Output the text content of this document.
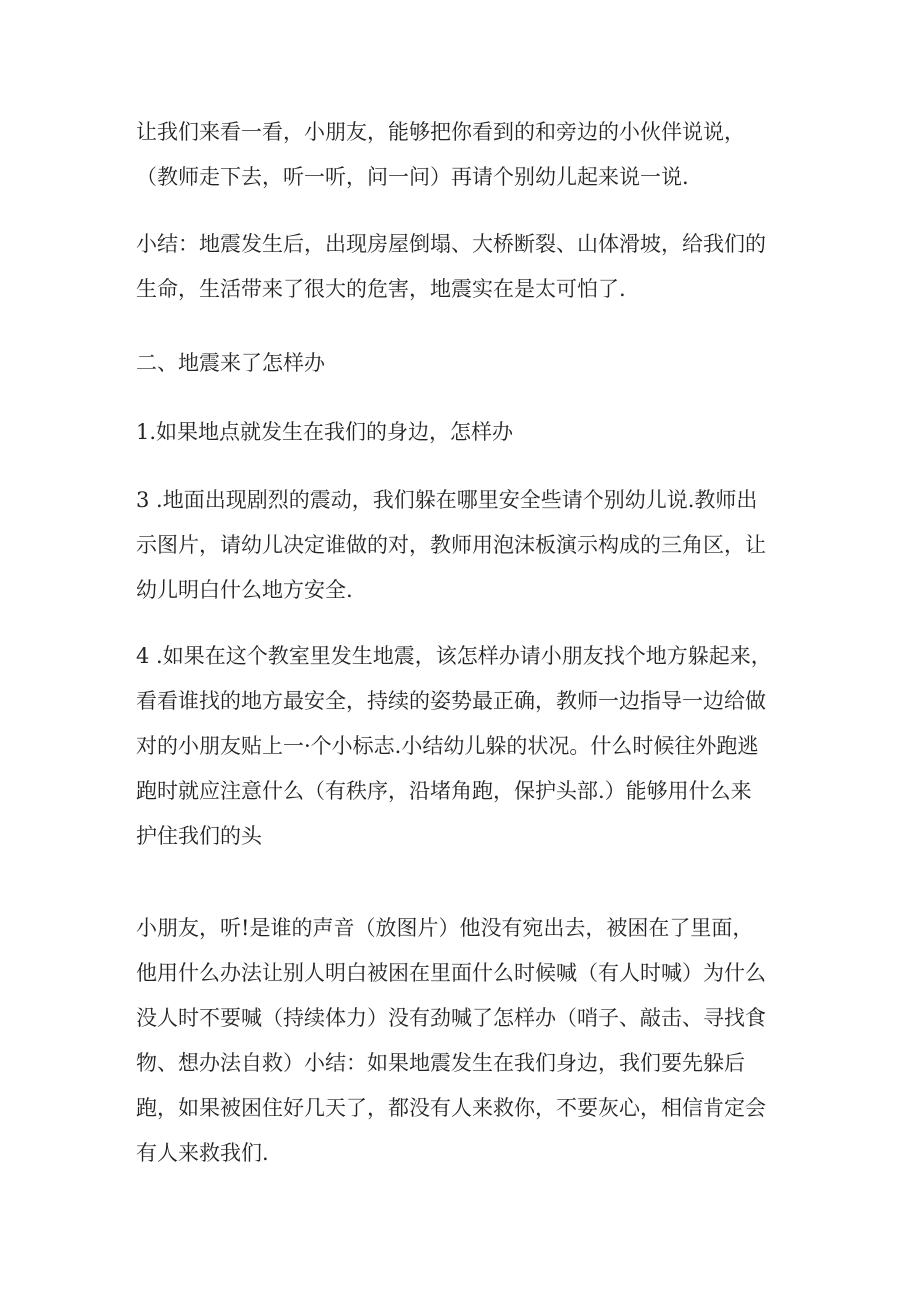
让我们来看一看，小朋友，能够把你看到的和旁边的小伙伴说说，
（教师走下去，听一听，问一问）再请个别幼儿起来说一说.

小结：地震发生后，出现房屋倒塌、大桥断裂、山体滑坡，给我们的
生命，生活带来了很大的危害，地震实在是太可怕了.

二、地震来了怎样办

1.如果地点就发生在我们的身边，怎样办

3 .地面出现剧烈的震动，我们躲在哪里安全些请个别幼儿说.教师出
示图片，请幼儿决定谁做的对，教师用泡沫板演示构成的三角区，让
幼儿明白什么地方安全.

4 .如果在这个教室里发生地震，该怎样办请小朋友找个地方躲起来，
看看谁找的地方最安全，持续的姿势最正确，教师一边指导一边给做
对的小朋友贴上一·个小标志.小结幼儿躲的状况。什么时候往外跑逃
跑时就应注意什么（有秩序，沿堵角跑，保护头部.）能够用什么来
护住我们的头

小朋友，听!是谁的声音（放图片）他没有宛出去，被困在了里面，
他用什么办法让别人明白被困在里面什么时候喊（有人时喊）为什么
没人时不要喊（持续体力）没有劲喊了怎样办（哨子、敲击、寻找食
物、想办法自救）小结：如果地震发生在我们身边，我们要先躲后
跑，如果被困住好几天了，都没有人来救你，不要灰心，相信肯定会
有人来救我们.
